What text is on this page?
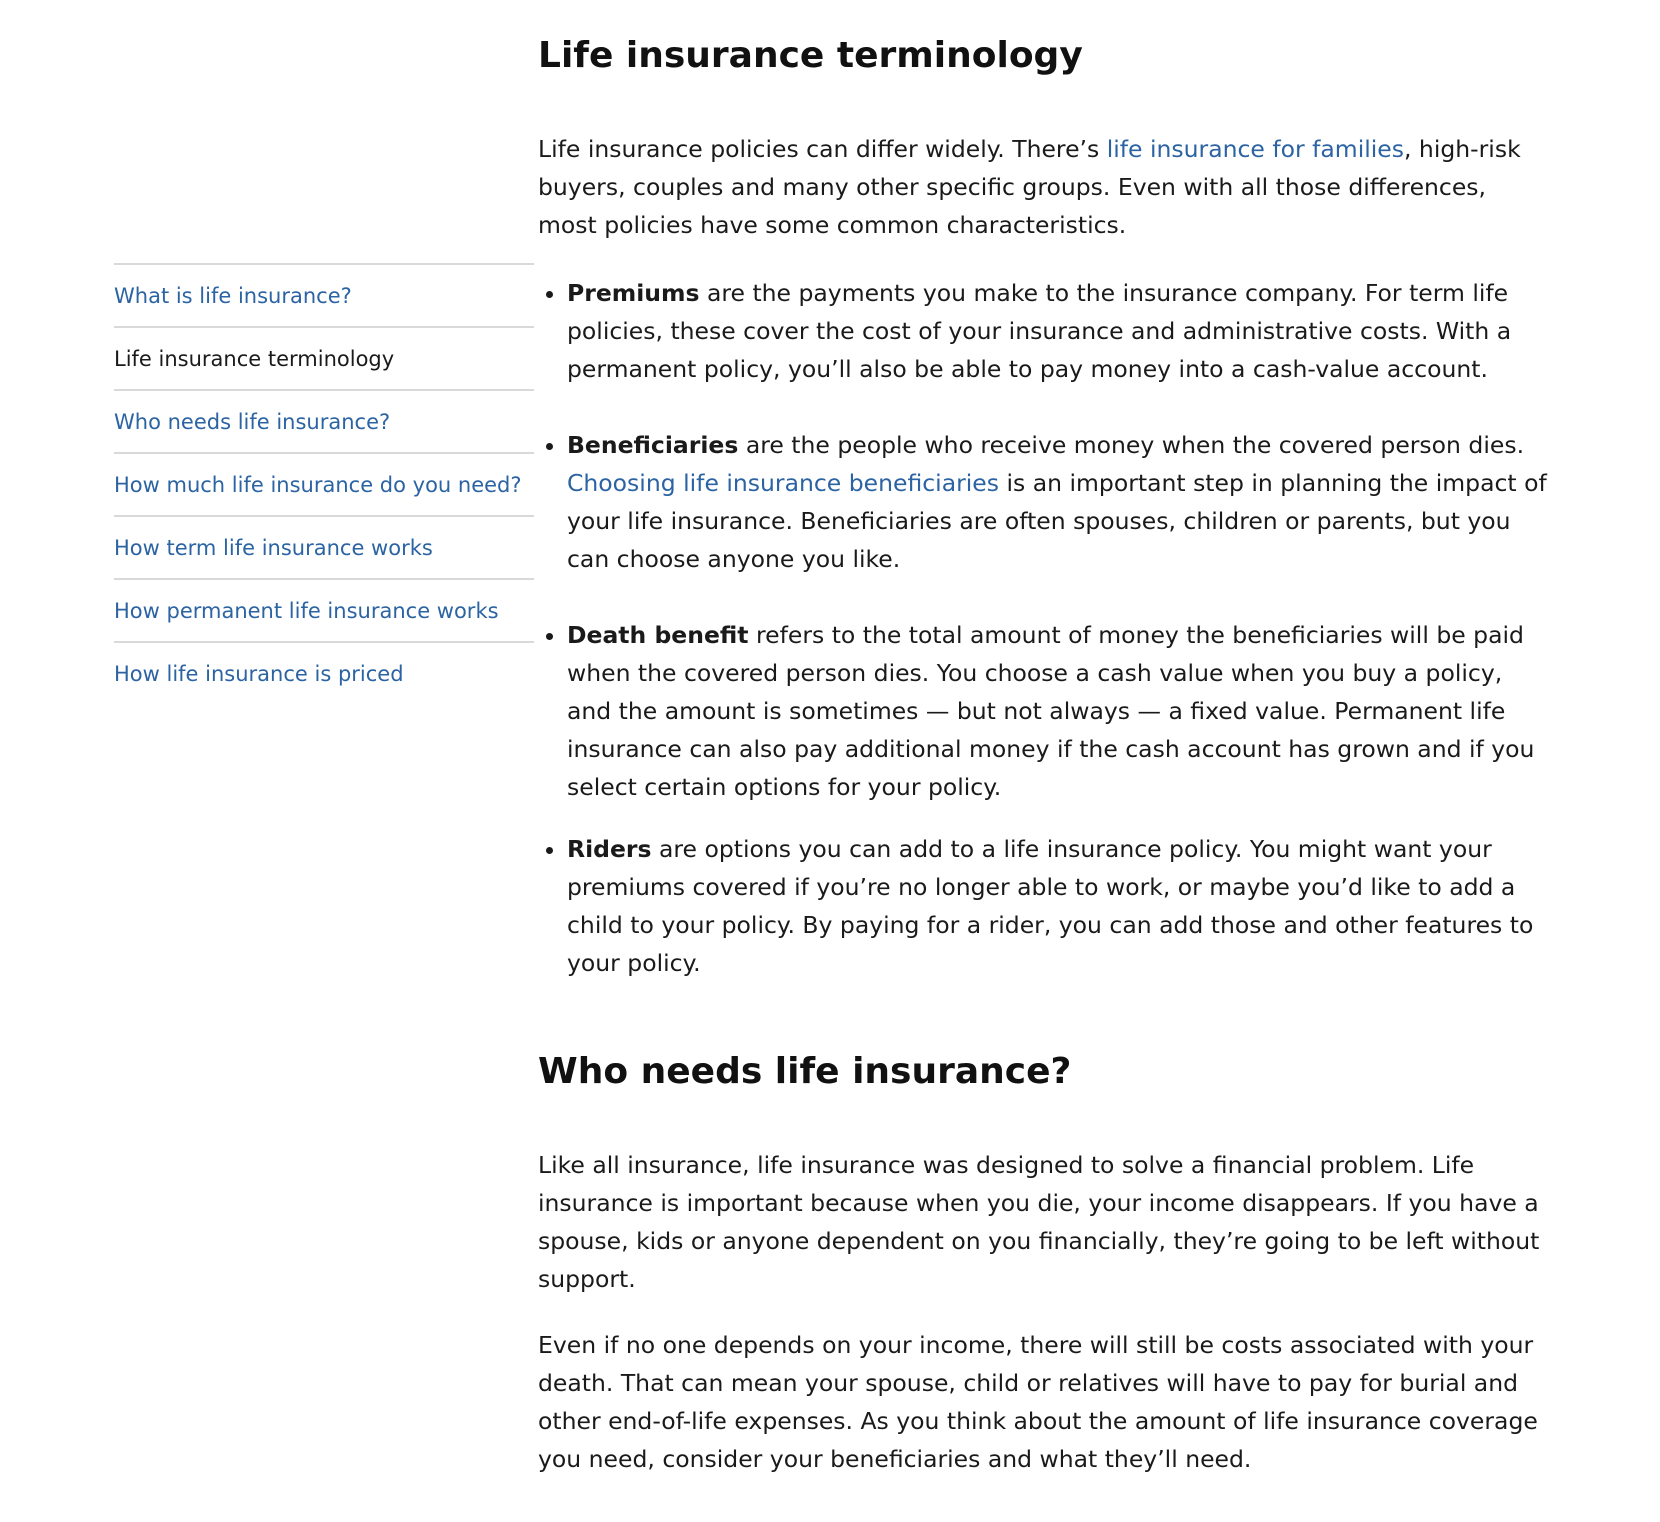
What is life insurance?
Life insurance terminology
Who needs life insurance?
How much life insurance do you need?
How term life insurance works
How permanent life insurance works
How life insurance is priced
Life insurance terminology

Life insurance policies can differ widely. There’s life insurance for families, high-risk buyers, couples and many other specific groups. Even with all those differences, most policies have some common characteristics.

• Premiums are the payments you make to the insurance company. For term life policies, these cover the cost of your insurance and administrative costs. With a permanent policy, you’ll also be able to pay money into a cash-value account.
• Beneficiaries are the people who receive money when the covered person dies. Choosing life insurance beneficiaries is an important step in planning the impact of your life insurance. Beneficiaries are often spouses, children or parents, but you can choose anyone you like.
• Death benefit refers to the total amount of money the beneficiaries will be paid when the covered person dies. You choose a cash value when you buy a policy, and the amount is sometimes — but not always — a fixed value. Permanent life insurance can also pay additional money if the cash account has grown and if you select certain options for your policy.
• Riders are options you can add to a life insurance policy. You might want your premiums covered if you’re no longer able to work, or maybe you’d like to add a child to your policy. By paying for a rider, you can add those and other features to your policy.
Who needs life insurance?

Like all insurance, life insurance was designed to solve a financial problem. Life insurance is important because when you die, your income disappears. If you have a spouse, kids or anyone dependent on you financially, they’re going to be left without support.

Even if no one depends on your income, there will still be costs associated with your death. That can mean your spouse, child or relatives will have to pay for burial and other end-of-life expenses. As you think about the amount of life insurance coverage you need, consider your beneficiaries and what they’ll need.
